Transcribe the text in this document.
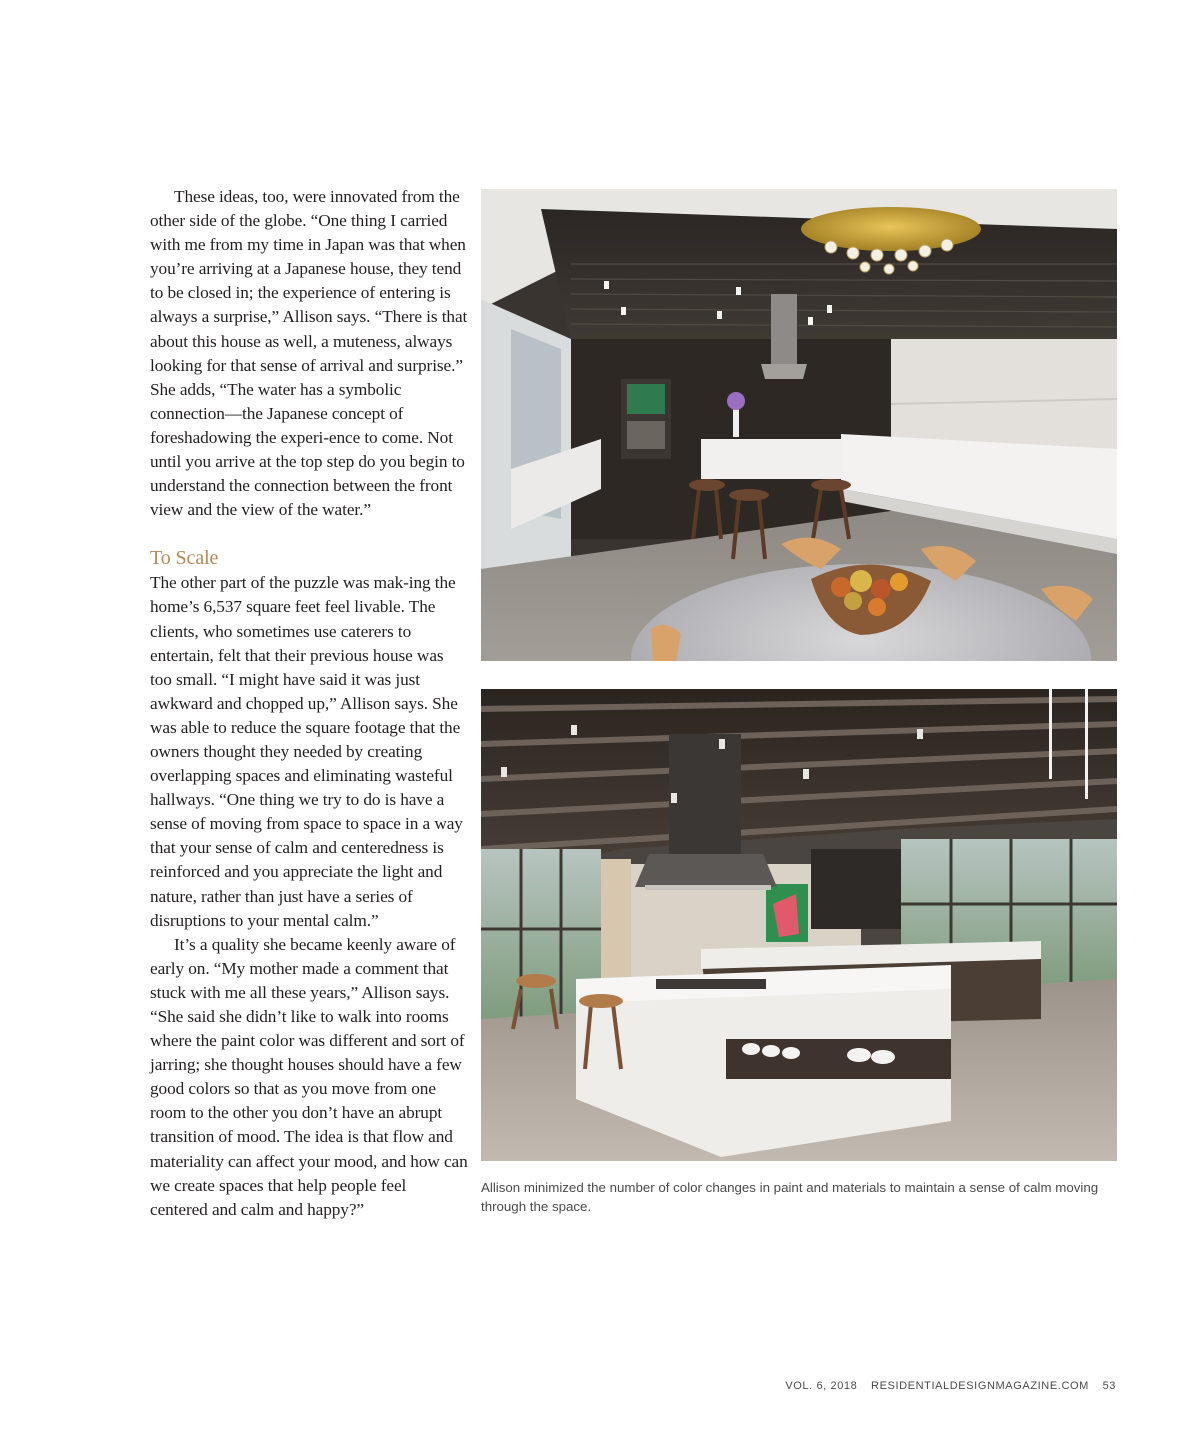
These ideas, too, were innovated from the other side of the globe. “One thing I carried with me from my time in Japan was that when you’re arriving at a Japanese house, they tend to be closed in; the experience of entering is always a surprise,” Allison says. “There is that about this house as well, a muteness, always looking for that sense of arrival and surprise.” She adds, “The water has a symbolic connection—the Japanese concept of foreshadowing the experi-ence to come. Not until you arrive at the top step do you begin to understand the connection between the front view and the view of the water.”

To Scale

The other part of the puzzle was mak-ing the home’s 6,537 square feet feel livable. The clients, who sometimes use caterers to entertain, felt that their previous house was too small. “I might have said it was just awkward and chopped up,” Allison says. She was able to reduce the square footage that the owners thought they needed by creating overlapping spaces and eliminating wasteful hallways. “One thing we try to do is have a sense of moving from space to space in a way that your sense of calm and centeredness is reinforced and you appreciate the light and nature, rather than just have a series of disruptions to your mental calm.”

It’s a quality she became keenly aware of early on. “My mother made a comment that stuck with me all these years,” Allison says. “She said she didn’t like to walk into rooms where the paint color was different and sort of jarring; she thought houses should have a few good colors so that as you move from one room to the other you don’t have an abrupt transition of mood. The idea is that flow and materiality can affect your mood, and how can we create spaces that help people feel centered and calm and happy?”

Allison minimized the number of color changes in paint and materials to maintain a sense of calm moving through the space.
VOL. 6, 2018 RESIDENTIALDESIGNMAGAZINE.COM 53
